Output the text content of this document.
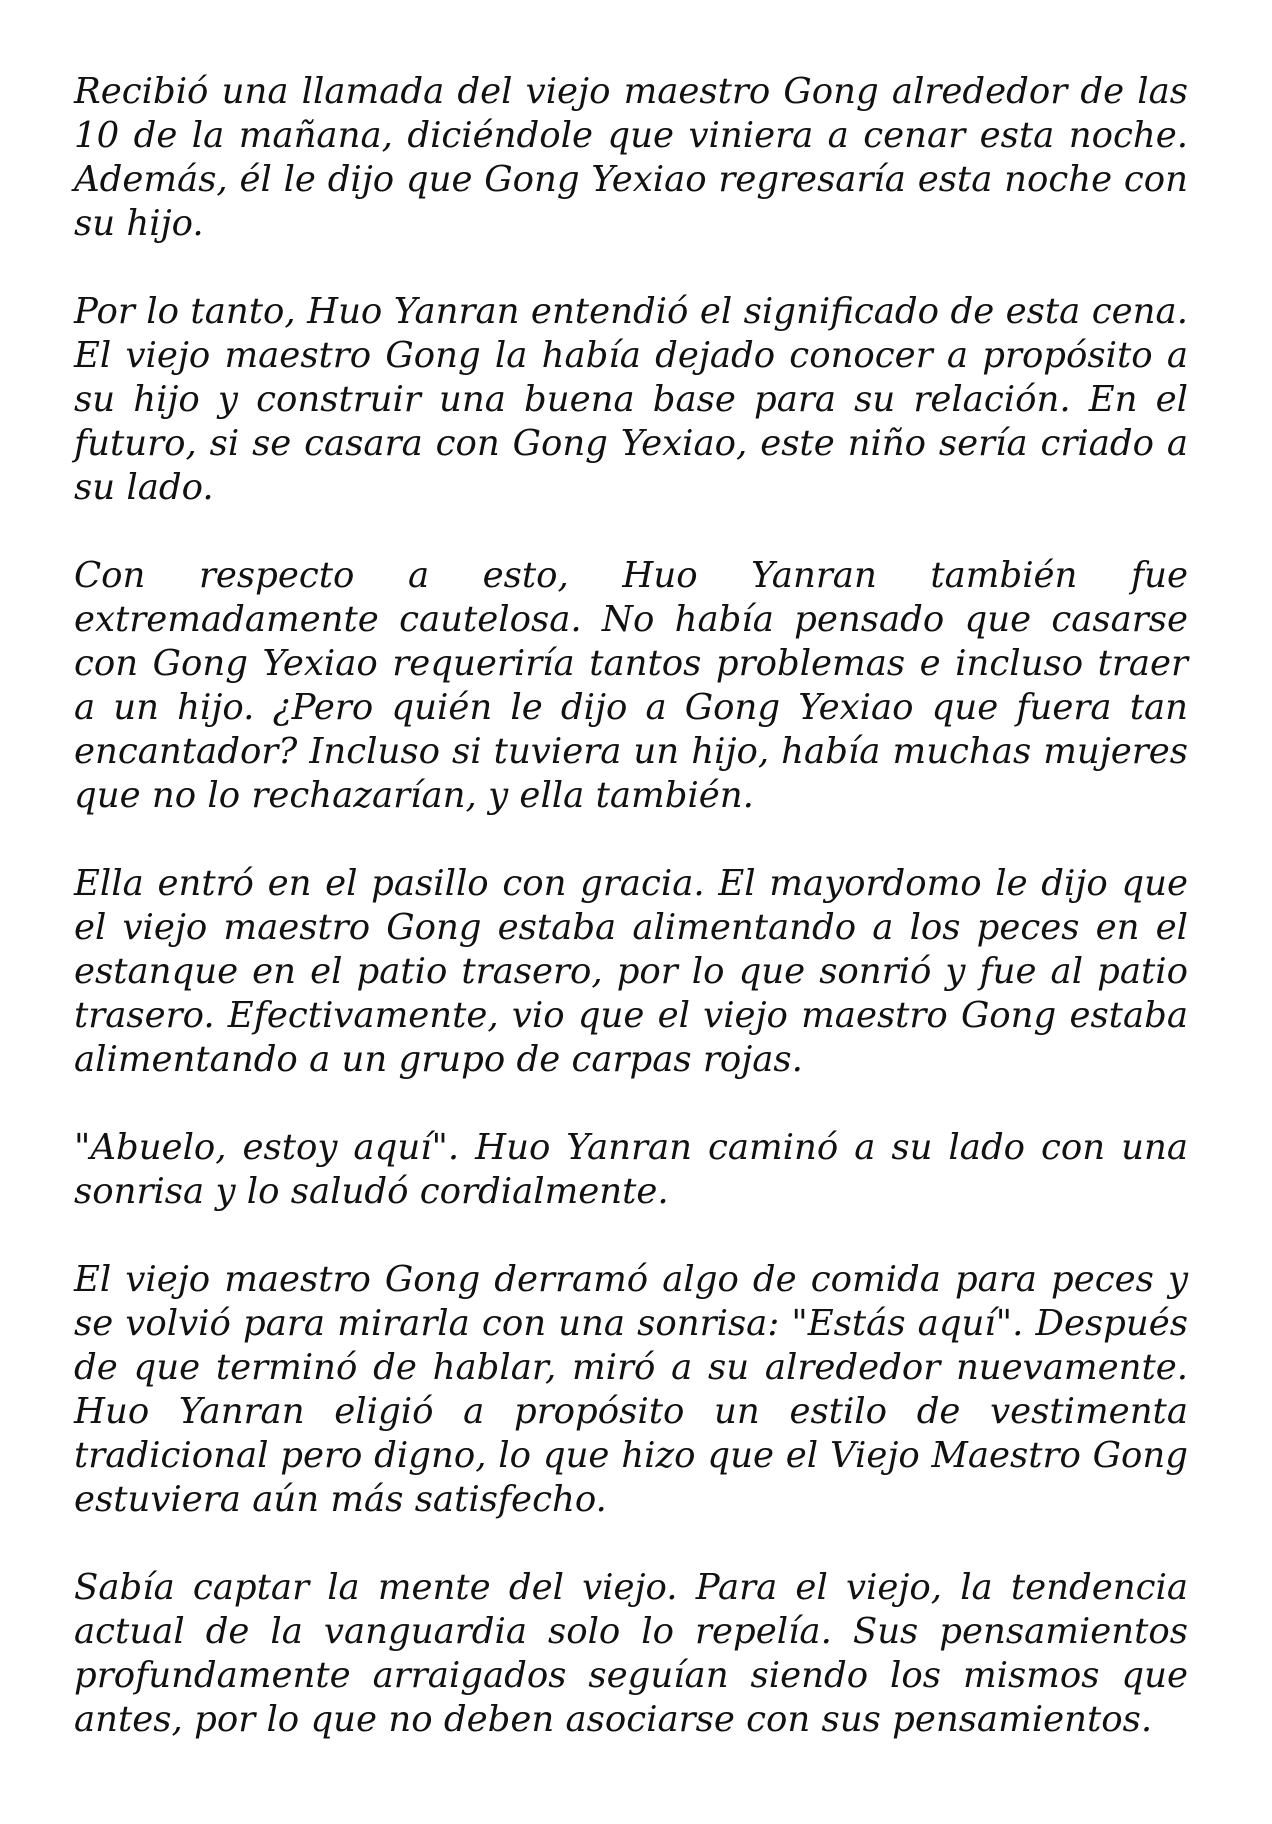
Recibió una llamada del viejo maestro Gong alrededor de las 10 de la mañana, diciéndole que viniera a cenar esta noche. Además, él le dijo que Gong Yexiao regresaría esta noche con su hijo.

Por lo tanto, Huo Yanran entendió el significado de esta cena. El viejo maestro Gong la había dejado conocer a propósito a su hijo y construir una buena base para su relación. En el futuro, si se casara con Gong Yexiao, este niño sería criado a su lado.

Con respecto a esto, Huo Yanran también fue extremadamente cautelosa. No había pensado que casarse con Gong Yexiao requeriría tantos problemas e incluso traer a un hijo. ¿Pero quién le dijo a Gong Yexiao que fuera tan encantador? Incluso si tuviera un hijo, había muchas mujeres que no lo rechazarían, y ella también.

Ella entró en el pasillo con gracia. El mayordomo le dijo que el viejo maestro Gong estaba alimentando a los peces en el estanque en el patio trasero, por lo que sonrió y fue al patio trasero. Efectivamente, vio que el viejo maestro Gong estaba alimentando a un grupo de carpas rojas.

"Abuelo, estoy aquí". Huo Yanran caminó a su lado con una sonrisa y lo saludó cordialmente.

El viejo maestro Gong derramó algo de comida para peces y se volvió para mirarla con una sonrisa: "Estás aquí". Después de que terminó de hablar, miró a su alrededor nuevamente. Huo Yanran eligió a propósito un estilo de vestimenta tradicional pero digno, lo que hizo que el Viejo Maestro Gong estuviera aún más satisfecho.

Sabía captar la mente del viejo. Para el viejo, la tendencia actual de la vanguardia solo lo repelía. Sus pensamientos profundamente arraigados seguían siendo los mismos que antes, por lo que no deben asociarse con sus pensamientos.
